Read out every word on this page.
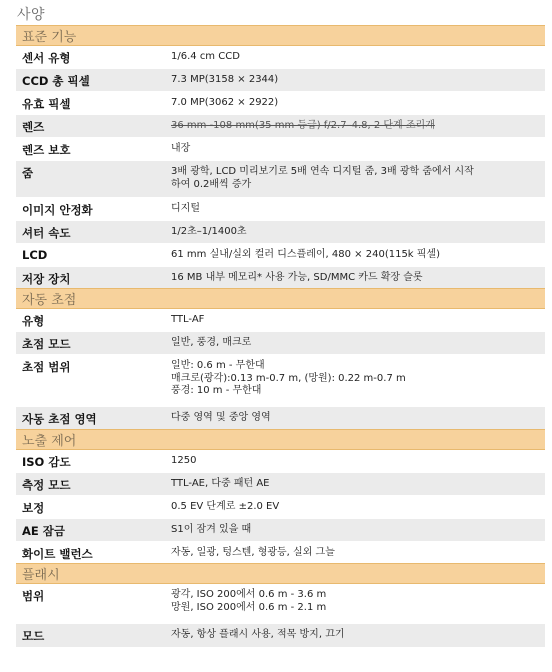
사양
표준 기능
센서 유형	1/6.4 cm CCD
CCD 총 픽셀	7.3 MP(3158 × 2344)
유효 픽셀	7.0 MP(3062 × 2922)
렌즈	36 mm -108 mm(35 mm 등급) f/2.7–4.8, 2 단계 조리개
렌즈 보호	내장
줌	3배 광학, LCD 미리보기로 5배 연속 디지털 줌, 3배 광학 줌에서 시작
하여 0.2배씩 증가
이미지 안정화	디지털
셔터 속도	1/2초–1/1400초
LCD	61 mm 실내/실외 컬러 디스플레이, 480 × 240(115k 픽셀)
저장 장치	16 MB 내부 메모리* 사용 가능, SD/MMC 카드 확장 슬롯
자동 초점
유형	TTL-AF
초점 모드	일반, 풍경, 매크로
초점 범위	일반: 0.6 m - 무한대
매크로(광각):0.13 m-0.7 m, (망원): 0.22 m-0.7 m
풍경: 10 m - 무한대
자동 초점 영역	다중 영역 및 중앙 영역
노출 제어
ISO 감도	1250
측정 모드	TTL-AE, 다중 패턴 AE
보정	0.5 EV 단계로 ±2.0 EV
AE 잠금	S1이 잠겨 있을 때
화이트 밸런스	자동, 일광, 텅스텐, 형광등, 실외 그늘
플래시
범위	광각, ISO 200에서 0.6 m - 3.6 m
망원, ISO 200에서 0.6 m - 2.1 m
모드	자동, 항상 플래시 사용, 적목 방지, 끄기
